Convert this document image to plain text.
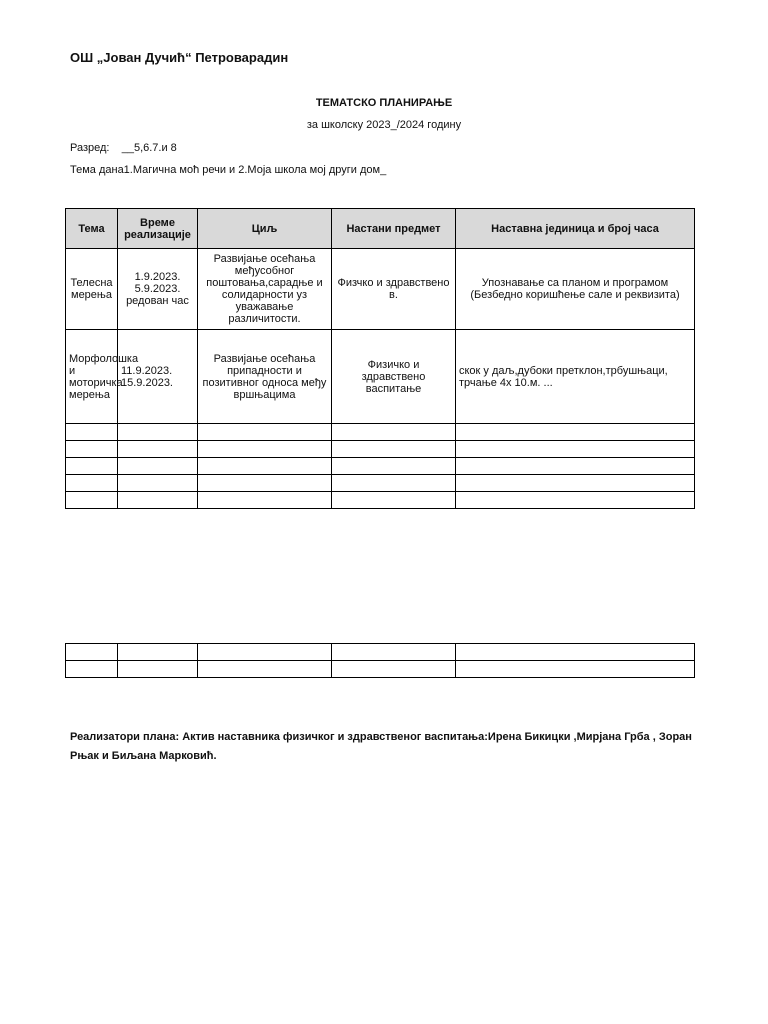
ОШ „Јован Дучић“ Петроварадин
ТЕМАТСКО ПЛАНИРАЊЕ
за школску 2023_/2024 годину
Разред: __5,6.7.и 8
Тема дана1.Магична моћ речи и 2.Моја школа мој други дом_
Тема	Време реализације	Циљ	Настани предмет	Наставна јединица и број часа
Телесна мерења	1.9.2023. 5.9.2023. редован час	Развијање осећања међусобног поштовања,сарадње и солидарности уз уважавање различитости.	Физчко и здравствено в.	Упознавање са планом и програмом (Безбедно коришћење сале и реквизита)
Морфолошка и моторичка мерења	11.9.2023. 15.9.2023.	Развијање осећања припадности и позитивног односа међу вршњацима	Физичко и здравствено васпитање	скок у даљ,дубоки претклон,трбушњаци, трчање 4х 10.м. ...

Реализатори плана: Актив наставника физичког и здравственог васпитања:Ирена Бикицки ,Мирјана Грба , Зоран Рњак и Биљана Марковић.
